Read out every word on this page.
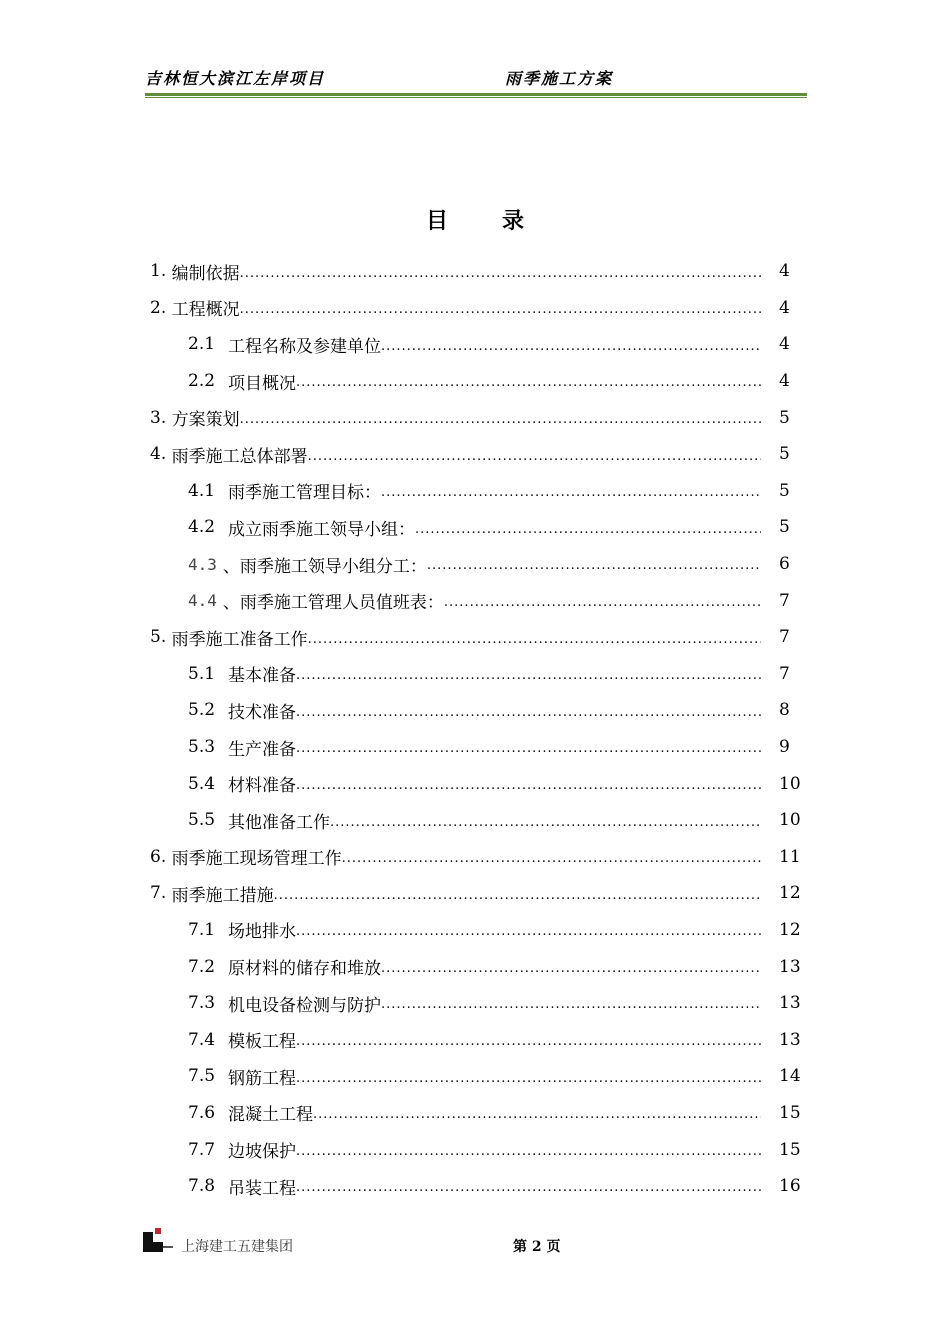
吉林恒大滨江左岸项目	雨季施工方案
目 录
1. 编制依据 .....	4
2. 工程概况 .....	4
2.1 工程名称及参建单位 .....	4
2.2 项目概况 .....	4
3. 方案策划 .....	5
4. 雨季施工总体部署 .....	5
4.1 雨季施工管理目标： .....	5
4.2 成立雨季施工领导小组： .....	5
4.3 、雨季施工领导小组分工： .....	6
4.4 、雨季施工管理人员值班表： .....	7
5. 雨季施工准备工作 .....	7
5.1 基本准备 .....	7
5.2 技术准备 .....	8
5.3 生产准备 .....	9
5.4 材料准备 .....	10
5.5 其他准备工作 .....	10
6. 雨季施工现场管理工作 .....	11
7. 雨季施工措施 .....	12
7.1 场地排水 .....	12
7.2 原材料的储存和堆放 .....	13
7.3 机电设备检测与防护 .....	13
7.4 模板工程 .....	13
7.5 钢筋工程 .....	14
7.6 混凝土工程 .....	15
7.7 边坡保护 .....	15
7.8 吊装工程 .....	16
上海建工五建集团	第 2 页
